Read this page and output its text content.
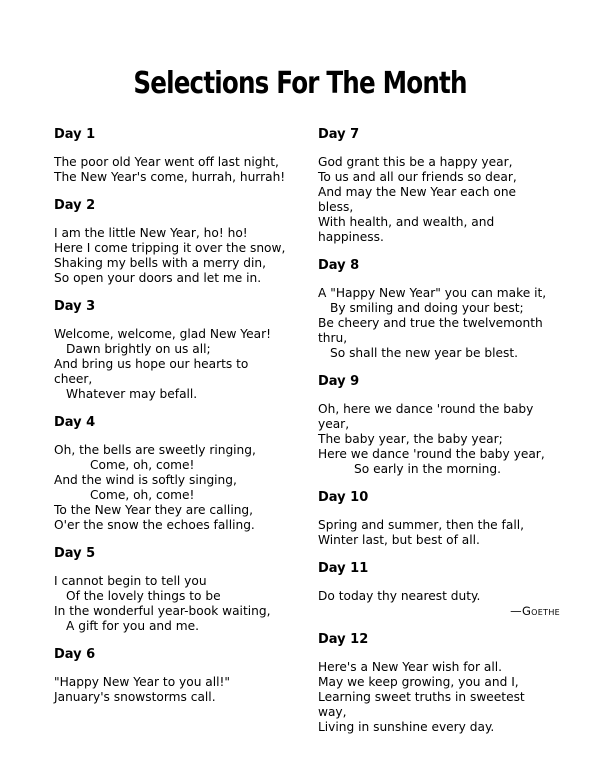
Selections For The Month

Day 1

The poor old Year went off last night,
The New Year's come, hurrah, hurrah!

Day 2

I am the little New Year, ho! ho!
Here I come tripping it over the snow,
Shaking my bells with a merry din,
So open your doors and let me in.

Day 3

Welcome, welcome, glad New Year!
Dawn brightly on us all;
And bring us hope our hearts to
cheer,
Whatever may befall.

Day 4

Oh, the bells are sweetly ringing,
Come, oh, come!
And the wind is softly singing,
Come, oh, come!
To the New Year they are calling,
O'er the snow the echoes falling.

Day 5

I cannot begin to tell you
Of the lovely things to be
In the wonderful year-book waiting,
A gift for you and me.

Day 6

"Happy New Year to you all!"
January's snowstorms call.

Day 7

God grant this be a happy year,
To us and all our friends so dear,
And may the New Year each one
bless,
With health, and wealth, and
happiness.

Day 8

A "Happy New Year" you can make it,
By smiling and doing your best;
Be cheery and true the twelvemonth
thru,
So shall the new year be blest.

Day 9

Oh, here we dance 'round the baby
year,
The baby year, the baby year;
Here we dance 'round the baby year,
So early in the morning.

Day 10

Spring and summer, then the fall,
Winter last, but best of all.

Day 11

Do today thy nearest duty.
—Goethe

Day 12

Here's a New Year wish for all.
May we keep growing, you and I,
Learning sweet truths in sweetest
way,
Living in sunshine every day.
